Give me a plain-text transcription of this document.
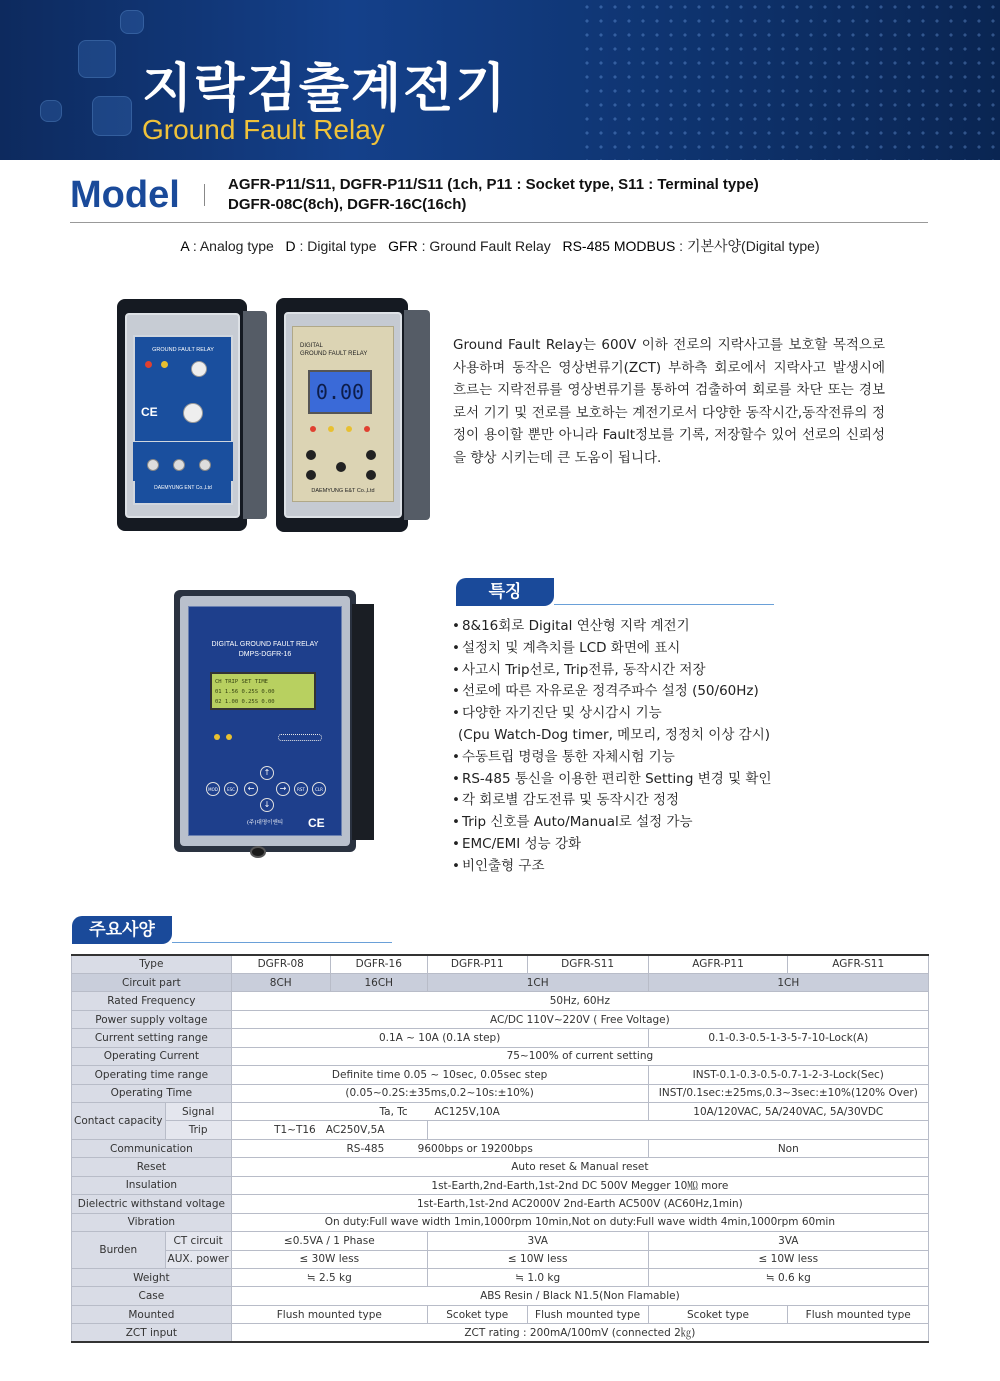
지락검출계전기
Ground Fault Relay
Model	AGFR-P11/S11, DGFR-P11/S11 (1ch, P11 : Socket type, S11 : Terminal type)
DGFR-08C(8ch), DGFR-16C(16ch)
A : Analog type   D : Digital type   GFR : Ground Fault Relay   RS-485 MODBUS : 기본사양(Digital type)
GROUND FAULT RELAY
CE
DAEMYUNG ENT Co.,Ltd
DIGITAL
GROUND FAULT RELAY
0.00
DAEMYUNG E&T Co.,Ltd
Ground Fault Relay는 600V 이하 전로의 지락사고를 보호할 목적으로 사용하며 동작은 영상변류기(ZCT) 부하측 회로에서 지락사고 발생시에 흐르는 지락전류를 영상변류기를 통하여 검출하여 회로를 차단 또는 경보로서 기기 및 전로를 보호하는 계전기로서 다양한 동작시간,동작전류의 정정이 용이할 뿐만 아니라 Fault정보를 기록, 저장할수 있어 선로의 신뢰성을 향상 시키는데 큰 도움이 됩니다.
DIGITAL GROUND FAULT RELAY
DMPS-DGFR-16
CH TRIP SET TIME
01 1.56 0.25S 0.00
02 1.00 0.25S 0.00
↑
↓
←	→
MOD	ESC	RST	CLR
(주)대명이앤티	CE
특징
• 8&16회로 Digital 연산형 지락 계전기
• 설정치 및 계측치를 LCD 화면에 표시
• 사고시 Trip선로, Trip전류, 동작시간 저장
• 선로에 따른 자유로운 정격주파수 설정 (50/60Hz)
• 다양한 자기진단 및 상시감시 기능
(Cpu Watch-Dog timer, 메모리, 정정치 이상 감시)
• 수동트립 명령을 통한 자체시험 기능
• RS-485 통신을 이용한 편리한 Setting 변경 및 확인
• 각 회로별 감도전류 및 동작시간 정정
• Trip 신호를 Auto/Manual로 설정 가능
• EMC/EMI 성능 강화
• 비인출형 구조
주요사양
Type		DGFR-08	DGFR-16	DGFR-P11	DGFR-S11	AGFR-P11	AGFR-S11
Circuit part		8CH	16CH	1CH		1CH	
Rated Frequency		50Hz, 60Hz					
Power supply voltage		AC/DC 110V~220V ( Free Voltage)					
Current setting range		0.1A ~ 10A (0.1A step)				0.1-0.3-0.5-1-3-5-7-10-Lock(A)	
Operating Current		75~100% of current setting					
Operating time range		Definite time 0.05 ~ 10sec, 0.05sec step				INST-0.1-0.3-0.5-0.7-1-2-3-Lock(Sec)	
Operating Time		(0.05~0.2S:±35ms,0.2~10s:±10%)				INST/0.1sec:±25ms,0.3~3sec:±10%(120% Over)	
Contact capacity	Signal	Ta, Tc        AC125V,10A				10A/120VAC, 5A/240VAC, 5A/30VDC	
	Trip	T1~T16   AC250V,5A					
Communication		RS-485          9600bps or 19200bps				Non	
Reset		Auto reset & Manual reset					
Insulation		1st-Earth,2nd-Earth,1st-2nd DC 500V Megger 10㏁ more					
Dielectric withstand voltage		1st-Earth,1st-2nd AC2000V 2nd-Earth AC500V (AC60Hz,1min)					
Vibration		On duty:Full wave width 1min,1000rpm 10min,Not on duty:Full wave width 4min,1000rpm 60min					
Burden	CT circuit	≤0.5VA / 1 Phase		3VA		3VA	
	AUX. power	≤ 30W less		≤ 10W less		≤ 10W less	
Weight		≒ 2.5 kg		≒ 1.0 kg		≒ 0.6 kg	
Case		ABS Resin / Black N1.5(Non Flamable)					
Mounted		Flush mounted type		Scoket type	Flush mounted type	Scoket type	Flush mounted type
ZCT input		ZCT rating : 200mA/100mV (connected 2㎏)					
